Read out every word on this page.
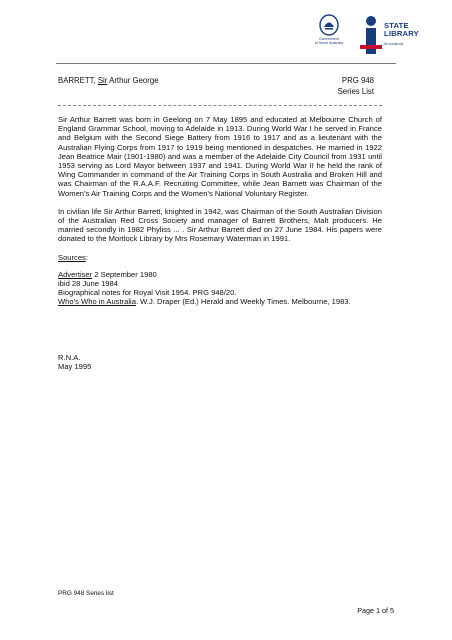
Government
of South Australia
STATE
LIBRARY
for everybody
BARRETT, Sir Arthur George	PRG 948
Series List

Sir Arthur Barrett was born in Geelong on 7 May 1895 and educated at Melbourne Church of England Grammar School, moving to Adelaide in 1913. During World War I he served in France and Belgium with the Second Siege Battery from 1916 to 1917 and as a lieutenant with the Australian Flying Corps from 1917 to 1919 being mentioned in despatches. He married in 1922 Jean Beatrice Mair (1901-1980) and was a member of the Adelaide City Council from 1931 until 1953 serving as Lord Mayor between 1937 and 1941. During World War II he held the rank of Wing Commander in command of the Air Training Corps in South Australia and Broken Hill and was Chairman of the R.A.A.F. Recruiting Committee, while Jean Barnett was Chairman of the Women’s Air Training Corps and the Women’s National Voluntary Register.

In civilian life Sir Arthur Barrett, knighted in 1942, was Chairman of the South Australian Division of the Australian Red Cross Society and manager of Barrett Brothers, Malt producers. He married secondly in 1982 Phyliss ... . Sir Arthur Barrett died on 27 June 1984. His papers were donated to the Mortlock Library by Mrs Rosemary Waterman in 1991.

Sources:
Advertiser 2 September 1980
ibid 28 June 1984
Biographical notes for Royal Visit 1954. PRG 948/20.
Who’s Who in Australia. W.J. Draper (Ed.) Herald and Weekly Times. Melbourne, 1983.
R.N.A.
May 1995
PRG 948 Series list
Page 1 of 5
